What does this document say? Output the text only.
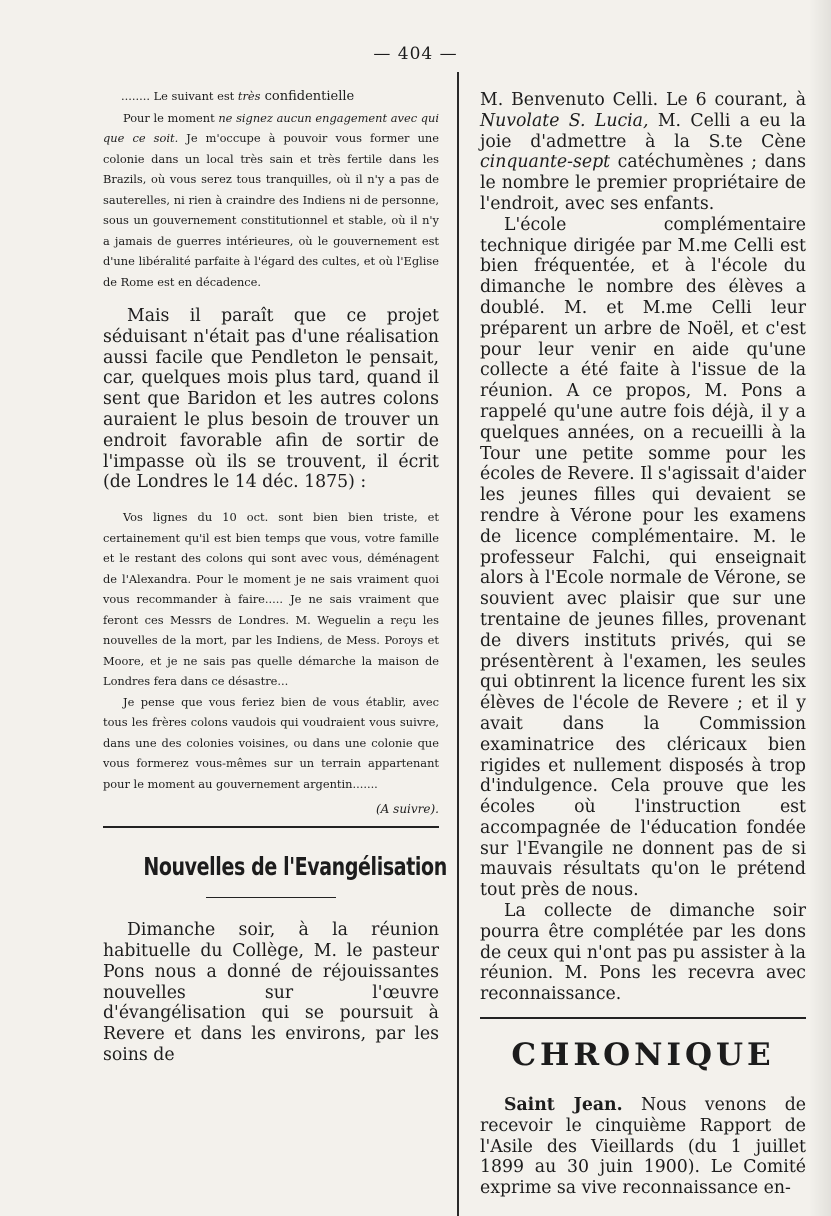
— 404 —

........ Le suivant est très confidentielle

Pour le moment ne signez aucun engagement avec qui que ce soit. Je m'occupe à pouvoir vous former une colonie dans un local très sain et très fertile dans les Brazils, où vous serez tous tranquilles, où il n'y a pas de sauterelles, ni rien à craindre des Indiens ni de personne, sous un gouvernement constitutionnel et stable, où il n'y a jamais de guerres intérieures, où le gouvernement est d'une libéralité parfaite à l'égard des cultes, et où l'Eglise de Rome est en décadence.

Mais il paraît que ce projet séduisant n'était pas d'une réalisation aussi facile que Pendleton le pensait, car, quelques mois plus tard, quand il sent que Baridon et les autres colons auraient le plus besoin de trouver un endroit favorable afin de sortir de l'impasse où ils se trouvent, il écrit (de Londres le 14 déc. 1875) :

Vos lignes du 10 oct. sont bien bien triste, et certainement qu'il est bien temps que vous, votre famille et le restant des colons qui sont avec vous, déménagent de l'Alexandra. Pour le moment je ne sais vraiment quoi vous recommander à faire..... Je ne sais vraiment que feront ces Messrs de Londres. M. Weguelin a reçu les nouvelles de la mort, par les Indiens, de Mess. Poroys et Moore, et je ne sais pas quelle démarche la maison de Londres fera dans ce désastre...

Je pense que vous feriez bien de vous établir, avec tous les frères colons vaudois qui voudraient vous suivre, dans une des colonies voisines, ou dans une colonie que vous formerez vous-mêmes sur un terrain appartenant pour le moment au gouvernement argentin.......

(A suivre).

Nouvelles de l'Evangélisation

Dimanche soir, à la réunion habituelle du Collège, M. le pasteur Pons nous a donné de réjouissantes nouvelles sur l'œuvre d'évangélisation qui se poursuit à Revere et dans les environs, par les soins de

M. Benvenuto Celli. Le 6 courant, à Nuvolate S. Lucia, M. Celli a eu la joie d'admettre à la S.te Cène cinquante-sept catéchumènes ; dans le nombre le premier propriétaire de l'endroit, avec ses enfants.

L'école complémentaire technique dirigée par M.me Celli est bien fréquentée, et à l'école du dimanche le nombre des élèves a doublé. M. et M.me Celli leur préparent un arbre de Noël, et c'est pour leur venir en aide qu'une collecte a été faite à l'issue de la réunion. A ce propos, M. Pons a rappelé qu'une autre fois déjà, il y a quelques années, on a recueilli à la Tour une petite somme pour les écoles de Revere. Il s'agissait d'aider les jeunes filles qui devaient se rendre à Vérone pour les examens de licence complémentaire. M. le professeur Falchi, qui enseignait alors à l'Ecole normale de Vérone, se souvient avec plaisir que sur une trentaine de jeunes filles, provenant de divers instituts privés, qui se présentèrent à l'examen, les seules qui obtinrent la licence furent les six élèves de l'école de Revere ; et il y avait dans la Commission examinatrice des cléricaux bien rigides et nullement disposés à trop d'indulgence. Cela prouve que les écoles où l'instruction est accompagnée de l'éducation fondée sur l'Evangile ne donnent pas de si mauvais résultats qu'on le prétend tout près de nous.

La collecte de dimanche soir pourra être complétée par les dons de ceux qui n'ont pas pu assister à la réunion. M. Pons les recevra avec reconnaissance.

CHRONIQUE

Saint Jean. Nous venons de recevoir le cinquième Rapport de l'Asile des Vieillards (du 1 juillet 1899 au 30 juin 1900). Le Comité exprime sa vive reconnaissance en-
